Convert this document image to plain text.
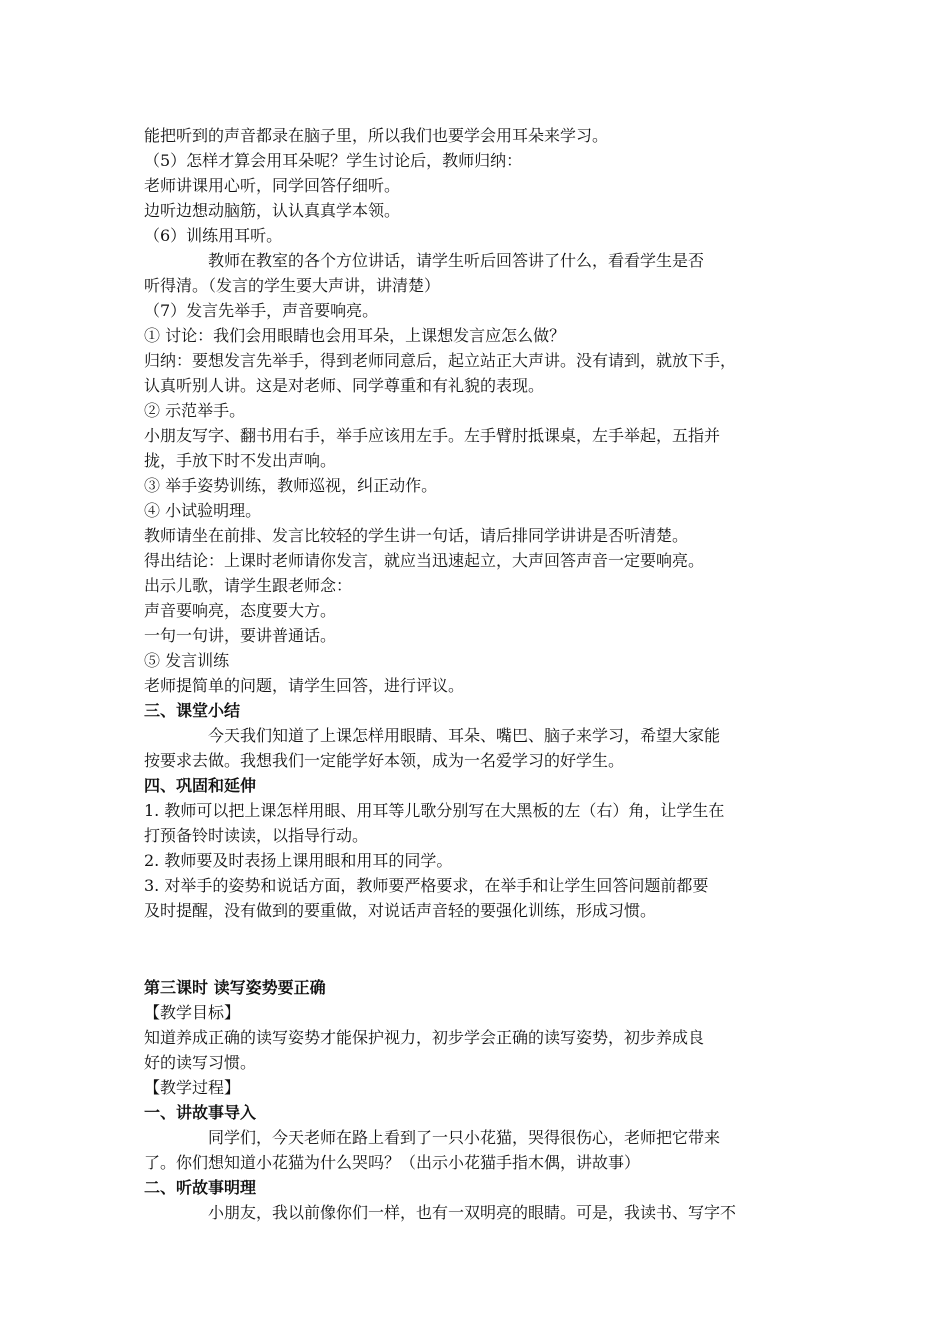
能把听到的声音都录在脑子里，所以我们也要学会用耳朵来学习。
（5）怎样才算会用耳朵呢？学生讨论后，教师归纳：
老师讲课用心听，同学回答仔细听。
边听边想动脑筋，认认真真学本领。
（6）训练用耳听。
教师在教室的各个方位讲话，请学生听后回答讲了什么，看看学生是否
听得清。（发言的学生要大声讲，讲清楚）
（7）发言先举手，声音要响亮。
① 讨论：我们会用眼睛也会用耳朵，上课想发言应怎么做？
归纳：要想发言先举手，得到老师同意后，起立站正大声讲。没有请到，就放下手，
认真听别人讲。这是对老师、同学尊重和有礼貌的表现。
② 示范举手。
小朋友写字、翻书用右手，举手应该用左手。左手臂肘抵课桌，左手举起，五指并
拢，手放下时不发出声响。
③ 举手姿势训练，教师巡视，纠正动作。
④ 小试验明理。
教师请坐在前排、发言比较轻的学生讲一句话，请后排同学讲讲是否听清楚。
得出结论：上课时老师请你发言，就应当迅速起立，大声回答声音一定要响亮。
出示儿歌，请学生跟老师念：
声音要响亮，态度要大方。
一句一句讲，要讲普通话。
⑤ 发言训练
老师提简单的问题，请学生回答，进行评议。
三、课堂小结
今天我们知道了上课怎样用眼睛、耳朵、嘴巴、脑子来学习，希望大家能
按要求去做。我想我们一定能学好本领，成为一名爱学习的好学生。
四、巩固和延伸
1. 教师可以把上课怎样用眼、用耳等儿歌分别写在大黑板的左（右）角，让学生在
打预备铃时读读，以指导行动。
2. 教师要及时表扬上课用眼和用耳的同学。
3. 对举手的姿势和说话方面，教师要严格要求，在举手和让学生回答问题前都要
及时提醒，没有做到的要重做，对说话声音轻的要强化训练，形成习惯。
第三课时 读写姿势要正确
【教学目标】
知道养成正确的读写姿势才能保护视力，初步学会正确的读写姿势，初步养成良
好的读写习惯。
【教学过程】
一、讲故事导入
同学们，今天老师在路上看到了一只小花猫，哭得很伤心，老师把它带来
了。你们想知道小花猫为什么哭吗？（出示小花猫手指木偶，讲故事）
二、听故事明理
小朋友，我以前像你们一样，也有一双明亮的眼睛。可是，我读书、写字不
